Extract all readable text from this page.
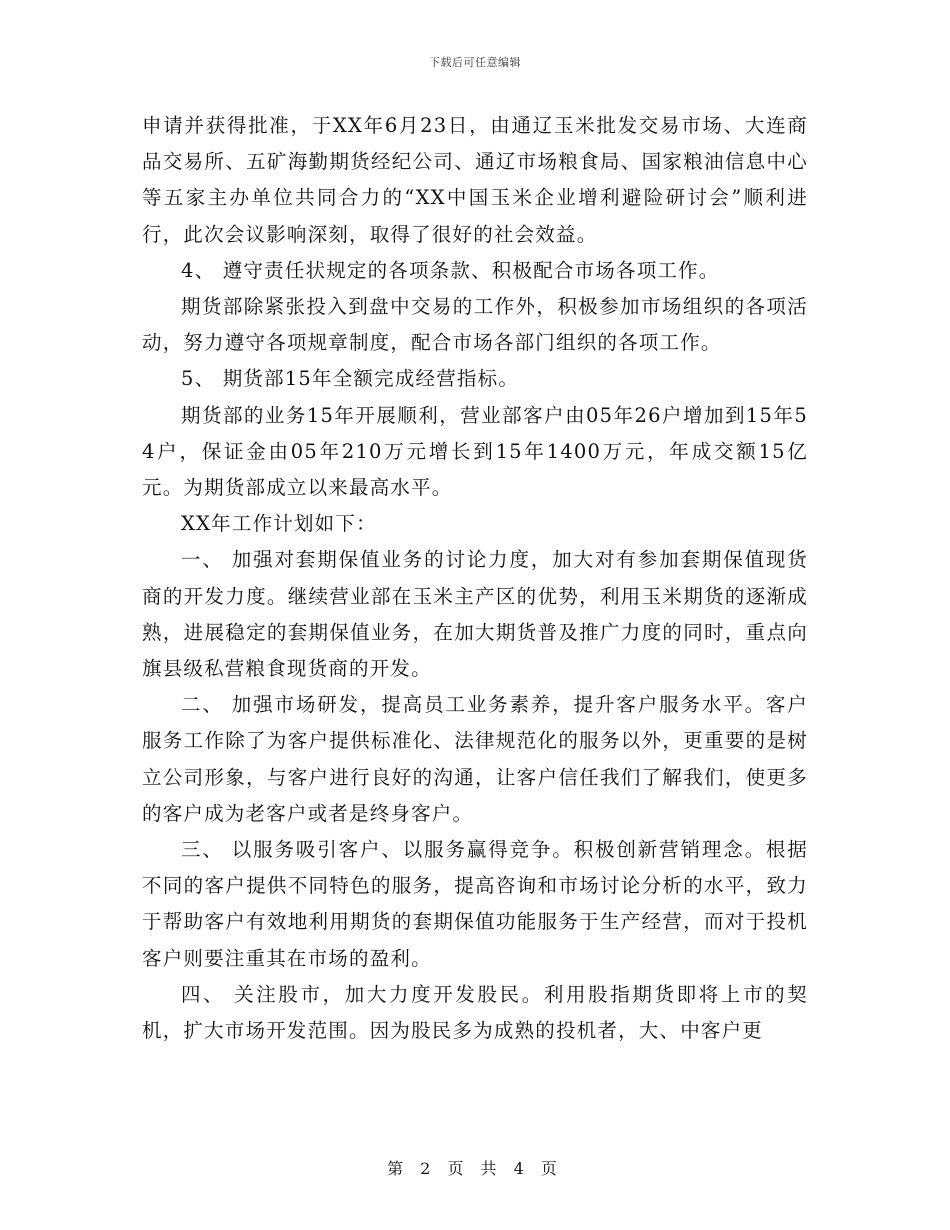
下载后可任意编辑

申请并获得批准，于XX年6月23日，由通辽玉米批发交易市场、大连商品交易所、五矿海勤期货经纪公司、通辽市场粮食局、国家粮油信息中心等五家主办单位共同合力的“XX中国玉米企业增利避险研讨会”顺利进行，此次会议影响深刻，取得了很好的社会效益。

4、 遵守责任状规定的各项条款、积极配合市场各项工作。

期货部除紧张投入到盘中交易的工作外，积极参加市场组织的各项活动，努力遵守各项规章制度，配合市场各部门组织的各项工作。

5、 期货部15年全额完成经营指标。

期货部的业务15年开展顺利，营业部客户由05年26户增加到15年54户，保证金由05年210万元增长到15年1400万元，年成交额15亿元。为期货部成立以来最高水平。

XX年工作计划如下：

一、 加强对套期保值业务的讨论力度，加大对有参加套期保值现货商的开发力度。继续营业部在玉米主产区的优势，利用玉米期货的逐渐成熟，进展稳定的套期保值业务，在加大期货普及推广力度的同时，重点向旗县级私营粮食现货商的开发。

二、 加强市场研发，提高员工业务素养，提升客户服务水平。客户服务工作除了为客户提供标准化、法律规范化的服务以外，更重要的是树立公司形象，与客户进行良好的沟通，让客户信任我们了解我们，使更多的客户成为老客户或者是终身客户。

三、 以服务吸引客户、以服务赢得竞争。积极创新营销理念。根据不同的客户提供不同特色的服务，提高咨询和市场讨论分析的水平，致力于帮助客户有效地利用期货的套期保值功能服务于生产经营，而对于投机客户则要注重其在市场的盈利。

四、 关注股市，加大力度开发股民。利用股指期货即将上市的契机，扩大市场开发范围。因为股民多为成熟的投机者，大、中客户更

第 2 页 共 4 页
